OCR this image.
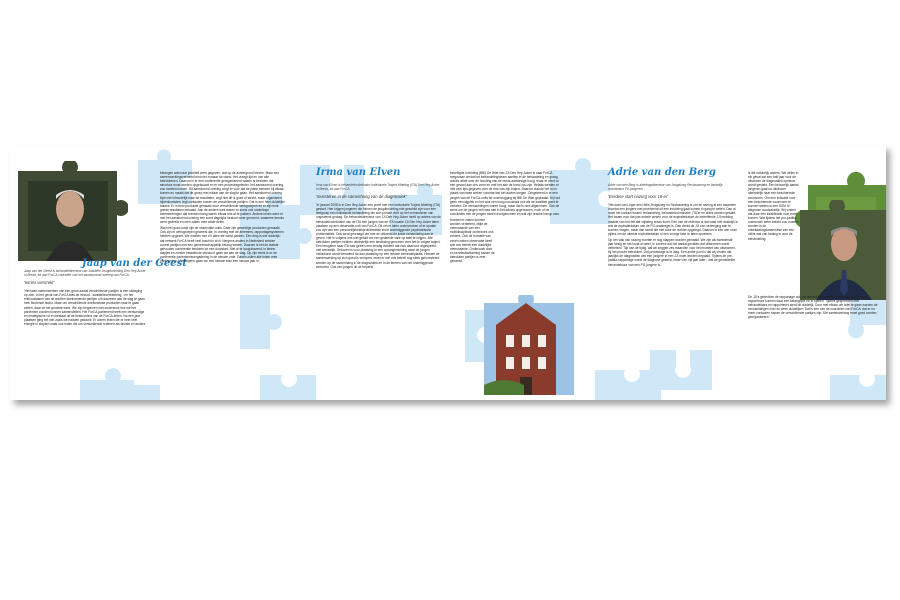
Jaap van der Geest

Jaap van der Geest is behandeldirecteur van Justitiële Jeugdinrichting Den Hey-Acker in Breda, tot aan ForCA voorzitter van het aanstuurend overleg van ForCA.

'Intrins verstrekt'

'Het laten samenwerken van een groot aantal verschillende partijen is een uitdaging op zich. In het geval van ForCA was de inhoud - kwaliteitsverbetering - en het enthousiasme van de achtten deelnemende partijen om daarmee aan de slag te gaan heel bindende factor. Maar om verschillende doelbewuste producten naar te gaan zetten, daar zit het grootste werk. We zijn begonnen met onderzoek hoe we het parlement zouden kunnen samenstellen. Het ForCA-parlement heeft een leerkundige en strategische rol en bestaat uit de bestuurders van de ForCA-leden. Na een jaar plaatsen ging het niet zoals we hadden gedacht. Er waren leden die er heel veel energie in stopten maar ook leden die om verschillende redenen als druiste en andere

belangen was naar prioriteit werd gegeven, wat op de achtergrond bleven. Maar een samenwerkingsverband kent niet zomaar tot stand. Het vraagt tijd en van alle betrokkenen. Daarom is er een conferentie georganiseerd waarin is besloten dat structuur moet worden opgebouwd en er een procesbegeleider, het aansturend overleg, zou moeten komen. Dit aansturend overleg zorgt er voor dat de juiste mensen bij elkaar komen en maakt dat de groep met elkaar aan de slag te gaan. Het aansturend overleg kijkt niet inhoudelijk naar de resultaten, zegt niet dit is goed of slecht, maar organiseert bijeenkomsten, legt contacten tussen de verschillende partijen. Dat is een heel duidelijke balans. Er is best productie gemaakt door verschillende werkgroepen en er zijn echt goede resultaten behaald. Aan de andere kant waren er soms ook onderlinge belemmeringen dat mensen bang waren elkaar iets af te pakken. Andere keren werd er met het aansturend overleg een soort dagelijks bestuur weer gevormd, waarmee kennis werd gedeeld en men zaken mee wilde delen.

Wat heel goed loopt zijn de observatie-units. Daar zijn geweldige producten gemaakt. Ook zijn er werkgroepen geweest die, in overleg met de afnemers, rapportagesystemen hebben opgezet. We moeten met z'n allen die winst pakken. Eén ding is wel duidelijk: dat netwerk ForCA heeft veel kracht in zich. Nergens anders in Nederland werken zoveel partijen met een gemeenschappelijk belang samen. Daarom is het de laatste gehouden conferentie besloten tot een doorstart. Niet al te hoogdravend, in kleine stapjes en zonder belastende structuur gaan we aan de slag. Op zijn minst is er de conferentie parlementsvergadering in de nieuwe orde. Daarin zullen alle leden mee participeren. Verwolgens gaan we met nieuwe elan een nieuwe jaar in.'

Irma van Elven

Irma van Elven is behandelcoördinator Individuele Traject Afdeling (ITA) Den Hey-Acker in Breda, tot aan ForCA.

'Investeren in de samenhang van de diagnostiek'

'In januari 2008 is in Den Hey-Acker een proef met een Individuele Traject Afdeling (ITA) gestart. Hier krijgen jongeren die binnen de jeugdinrichting niet geschikt zijn voor een leefgroep een individuele behandeling die zich primair richt op het verminderen van ongewenst gedrag. De behandeldirecteur van JJI Den Hey-Acker heeft op advies van de behandelcoördinator van de ITA één jongen van de ITA locatie JJI Den Hey-Acker laten plaatsen op een observatie-unit van ForCA. Dit om te laten onderzoeken of er sprake zou zijn van een persoonlijkheidsproblematiek en/of onderliggende psychiatrische problematiek. Ook werd gevraagd om met de uitkomst de juiste behandeling aan te geven. Het is volgens ons niet gelukt om een gedeelde visie op tafel te krijgen. Alle betrokken partijen hebben uiteindelijk een beslissing genomen over het te volgen traject. Een terugkeer naar ITA was gezien een ernstig incident dat zich daarvoor afgespeeld, niet wenselijk. Gekozen is voor plaatsing in een opvanginrichting waar de jongen individueel wordt benaderd tot aan plaatsing op een nieuwe behandelplaats. Hoewel de samenwerking op zich goed is verlopen, moet er wel ons betreft nog sterk geïnvesteerd worden op de samenhang in de diagnostiek en in de termen van het onderliggende werkveld. Ook een jongen uit de beperkt

beveiligde inrichting (BBI) De Wiet van JJI Den Hey-Acker is naar ForCA toegezaan omdat het behandelingsteam aanliep in de behandeling en graag advies wilde over de houding van de reeds aanwezige hoog, maar er werd al een gevoel aan ons vorm en met het aan de hand zou zijn. Helaas werden er niet veel tips gegeven over de rest van zijn traject. Daarom duurde het nu in plaats van twee weken voorlaat wel het advies kregen. Omgekeerd is er een jongen van de ForCA-units ter overbrugging bij BBI De Wiet geplaatst. Hij had geen vervolgplek en het was een hoog noodzaak ons als de kwaliteit goed te vertalen. De verwachtingen waren hoog, maar dat is niet uitgekomen. Ook de wens om de jongen zelf was niet in het advies opgenomen, noch of de conclusies met de jongen waren doorgenomen en wat zijn reactie hierop was.

Hoewel er zaken kunnen worden verbeterd, blijkt de meerwaarde van een multidisciplinair onderzoek ons evident. Ook de formatie van zeven weken observatie heeft wat ons betreft een duidelijke meerwaarde. Onderzoek door en kennisuitwisseling tussen de betrokken partijen is zeer gewenst.'

Adrie van den Berg

Adrie van den Berg is afdelingsdirecteur van Jeugdzorg Reclassering en landelijk coördinator FU-jongeren

'Eerdere start nazorg voor 18-er'

'Het doel van Leger des Heils Jeugdzorg en Reclassering is om de nazorg al zes maanden voordat een jongere met proefverlof uit een inrichting gaat komen in gang te zetten. Dan al moet het contact tussen reclassering, behandelcoördinator, ITA'er en cliënt worden gestart. Het kwam voor dat pas enkele weken voor de expiratiedatum de betreffende JJI melding maakte van het feit dat vrijlating eraan komt. Eén van de redenen is dat vaak niet duidelijk is wat de expiratiedatum van de PIJ-maatregel is. Dan denkt de JJI een verlenging aan te kunnen vragen, maar dan wordt die niet door de rechter opgelegd. Daarom is één van onze pijlers om de uiterste expiratiedatum in een vroege fase te laten opnemen.

Op het vlak van nazorg moeten er nog stappen worden gemaakt. We zijn als tweedehalf jaar bezig en het loopt al beter, in zoverre dat het aantal gevallen dat uitstromen wordt verbeterd. Tijd van de tijdig, dat wil zeggen zes maanden voor het moment van uitstromen, bij het proces betrokken. Dat percentage is te laag. Een ander punt is dat wij vinden dat jaarlijks de diagnostiek van een jongere in een JJI moet worden bepaald. Tijdens de pre-justitia-rapportage wordt de diagnose gesteld, maar vier, vijf jaar later - wat de gemiddelde behandelduur van een PIJ-jongere is -

is die natuurlijk anders. We willen in elk geval dat een half jaar voor de uitstroom de diagnostiek opnieuw wordt gesteld. Een behoorlijk aantal jongeren gaat na uitstroom uiteindelijk naar een beschermde woonvorm. Om een indicatie voor een beschermde woonvorm te kunnen stellen is een DSM IV diagnose noodzakelijk. Wij vinden dat daar een kwalificatie voor moet komen. Wat tijdens het pro-justitia-onderzoek beter belicht zou moeten worden is de ontwikkelingsanamnese van een cliënt wat van belang is voor de behandeling.

De JJI's gebruiken de rapportage ook om het behandelplan te maken, de pro-justitia-rapporteurs kunnen daar een belangrijke rol in spelen. Tijdens gesprekken met behandelaars en rapporteurs werd dit duidelijk. Door met elkaar om tafel te gaan worden de verwachtingen over en weer duidelijker. Dat is een van de voordelen van ForCA; dat er nu meer contacten tussen de verschillende partijen zijn. Die samenwerking moet goed worden georganiseerd.'
